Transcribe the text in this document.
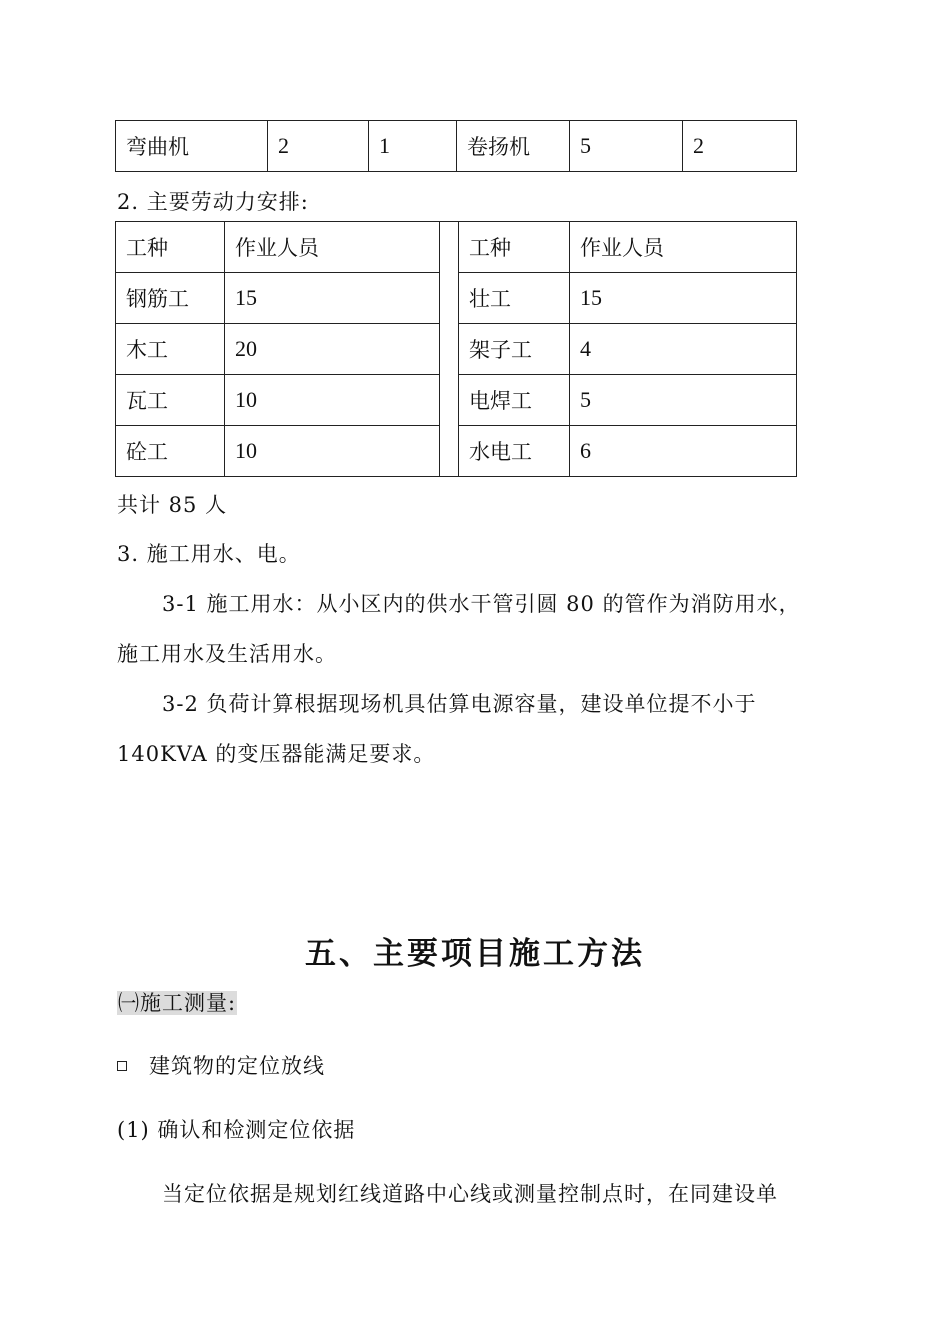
弯曲机	2	1	卷扬机	5	2
2. 主要劳动力安排:
工种	作业人员		工种	作业人员
钢筋工	15		壮工	15
木工	20		架子工	4
瓦工	10		电焊工	5
砼工	10		水电工	6
共计 85 人
3. 施工用水、电。
3-1 施工用水：从小区内的供水干管引圆 80 的管作为消防用水，
施工用水及生活用水。
3-2 负荷计算根据现场机具估算电源容量，建设单位提不小于
140KVA 的变压器能满足要求。
五、主要项目施工方法
㈠施工测量:
建筑物的定位放线
(1) 确认和检测定位依据
当定位依据是规划红线道路中心线或测量控制点时，在同建设单
